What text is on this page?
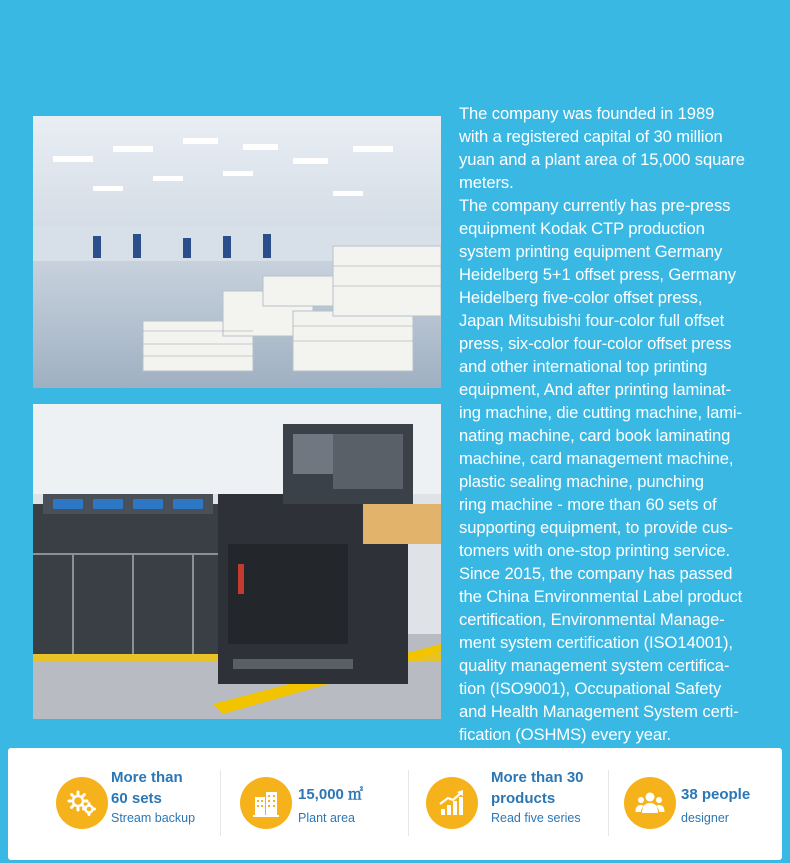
The company was founded in 1989

with a registered capital of 30 million

yuan and a plant area of 15,000 square

meters.

The company currently has pre-press

equipment Kodak CTP production

system printing equipment Germany

Heidelberg 5+1 offset press, Germany

Heidelberg five-color offset press,

Japan Mitsubishi four-color full offset

press, six-color four-color offset press

and other international top printing

equipment, And after printing laminat-

ing machine, die cutting machine, lami-

nating machine, card book laminating

machine, card management machine,

plastic sealing machine, punching

ring machine - more than 60 sets of

supporting equipment, to provide cus-

tomers with one-stop printing service.

Since 2015, the company has passed

the China Environmental Label product

certification, Environmental Manage-

ment system certification (ISO14001),

quality management system certifica-

tion (ISO9001), Occupational Safety

and Health Management System certi-

fication (OSHMS) every year.

More than
60 sets
Stream backup
15,000 ㎡
Plant area
More than 30
products
Read five series
38 people
designer
